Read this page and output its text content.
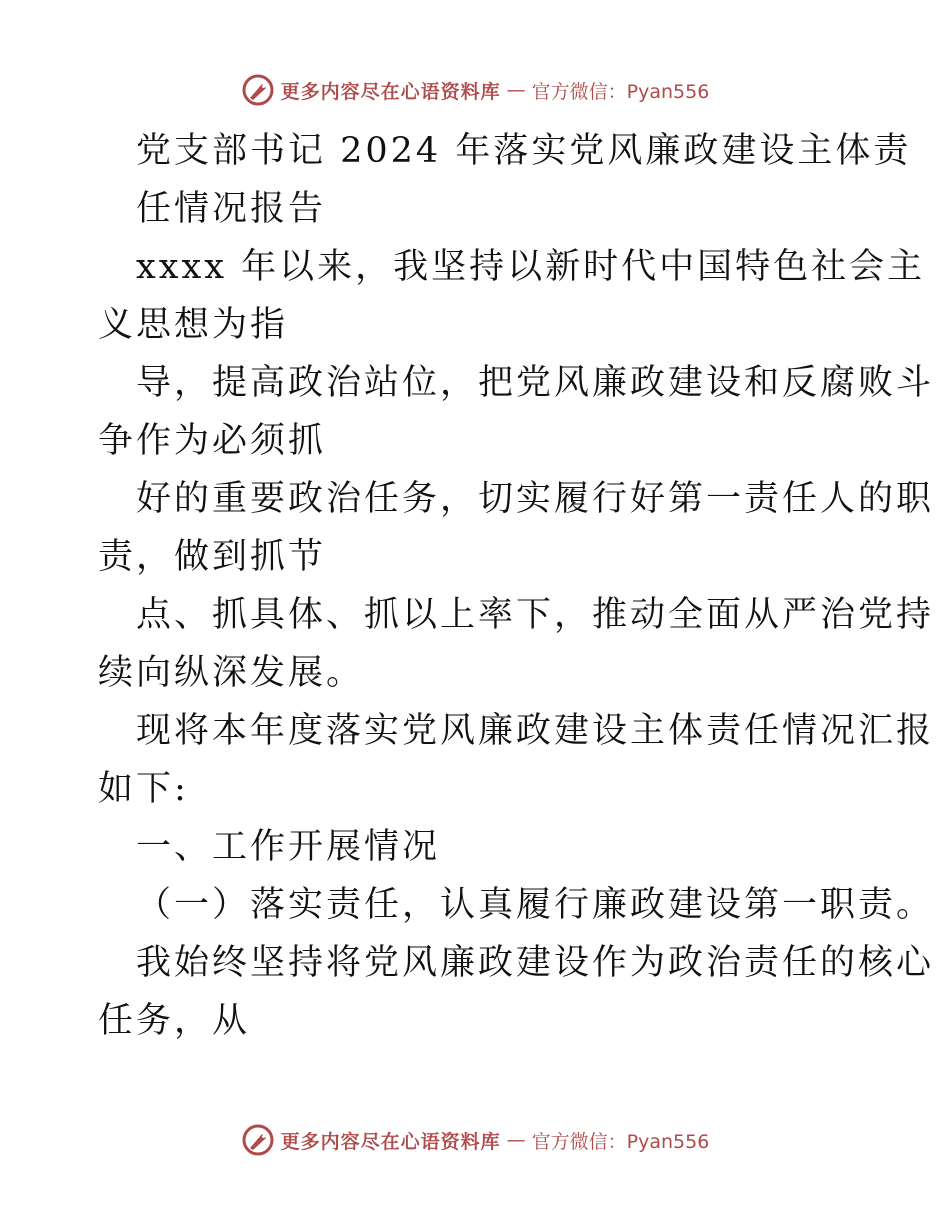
更多内容尽在心语资料库 — 官方微信：Pyan556
党支部书记 2024 年落实党风廉政建设主体责
任情况报告
xxxx 年以来，我坚持以新时代中国特色社会主
义思想为指
导，提高政治站位，把党风廉政建设和反腐败斗
争作为必须抓
好的重要政治任务，切实履行好第一责任人的职
责，做到抓节
点、抓具体、抓以上率下，推动全面从严治党持
续向纵深发展。
现将本年度落实党风廉政建设主体责任情况汇报
如下:
一、工作开展情况
（一）落实责任，认真履行廉政建设第一职责。
我始终坚持将党风廉政建设作为政治责任的核心
任务，从
更多内容尽在心语资料库 — 官方微信：Pyan556
